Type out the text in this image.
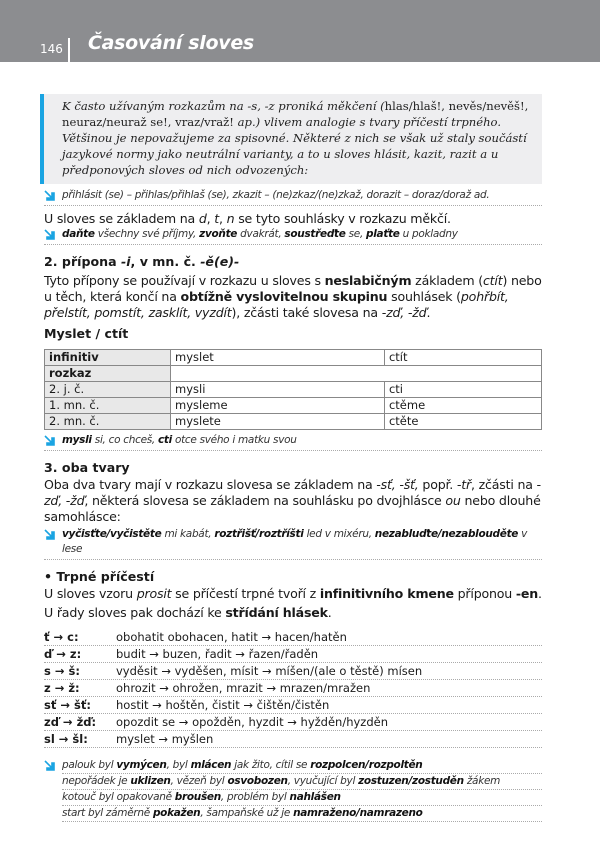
146 Časování sloves
K často užívaným rozkazům na -s, -z proniká měkčení (hlas/hlaš!, nevěs/nevěš!, neuraz/neuraž se!, vraz/vraž! ap.) vlivem analogie s tvary příčestí trpného. Většinou je nepovažujeme za spisovné. Některé z nich se však už staly součástí jazykové normy jako neutrální varianty, a to u sloves hlásit, kazit, razit a u předponových sloves od nich odvozených:
přihlásit (se) – přihlas/přihlaš (se), zkazit – (ne)zkaz/(ne)zkaž, dorazit – doraz/doraž ad.

U sloves se základem na d, t, n se tyto souhlásky v rozkazu měkčí.

daňte všechny své příjmy, zvoňte dvakrát, soustřeďte se, plaťte u pokladny
2. přípona -i, v mn. č. -ě(e)-

Tyto přípony se používají v rozkazu u sloves s neslabičným základem (ctít) nebo u těch, která končí na obtížně vyslovitelnou skupinu souhlásek (pohřbít, přelstít, pomstít, zasklít, vyzdít), zčásti také slovesa na -zď, -žď.

Myslet / ctít
infinitiv	myslet	ctít
rozkaz		
2. j. č.	mysli	cti
1. mn. č.	mysleme	ctěme
2. mn. č.	myslete	ctěte
mysli si, co chceš, cti otce svého i matku svou
3. oba tvary

Oba dva tvary mají v rozkazu slovesa se základem na -sť, -šť, popř. -tř, zčásti na -zď, -žď, některá slovesa se základem na souhlásku po dvojhlásce ou nebo dlouhé samohlásce:

vyčisťte/vyčistěte mi kabát, roztřišť/roztříšti led v mixéru, nezabluďte/nezablouděte v lese
• Trpné příčestí

U sloves vzoru prosit se příčestí trpné tvoří z infinitivního kmene příponou -en.

U řady sloves pak dochází ke střídání hlásek.

ť → c:	obohatit obohacen, hatit → hacen/hatěn
ď → z:	budit → buzen, řadit → řazen/řaděn
s → š:	vyděsit → vyděšen, mísit → míšen/(ale o těstě) mísen
z → ž:	ohrozit → ohrožen, mrazit → mrazen/mražen
sť → šť:	hostit → hoštěn, čistit → čištěn/čistěn
zď → žď:	opozdit se → opožděn, hyzdit → hyžděn/hyzděn
sl → šl:	myslet → myšlen
palouk byl vymýcen, byl mlácen jak žito, cítil se rozpolcen/rozpoltěn
nepořádek je uklizen, vězeň byl osvobozen, vyučující byl zostuzen/zostuděn žákem
kotouč byl opakovaně broušen, problém byl nahlášen
start byl záměrně pokažen, šampaňské už je namraženo/namrazeno
